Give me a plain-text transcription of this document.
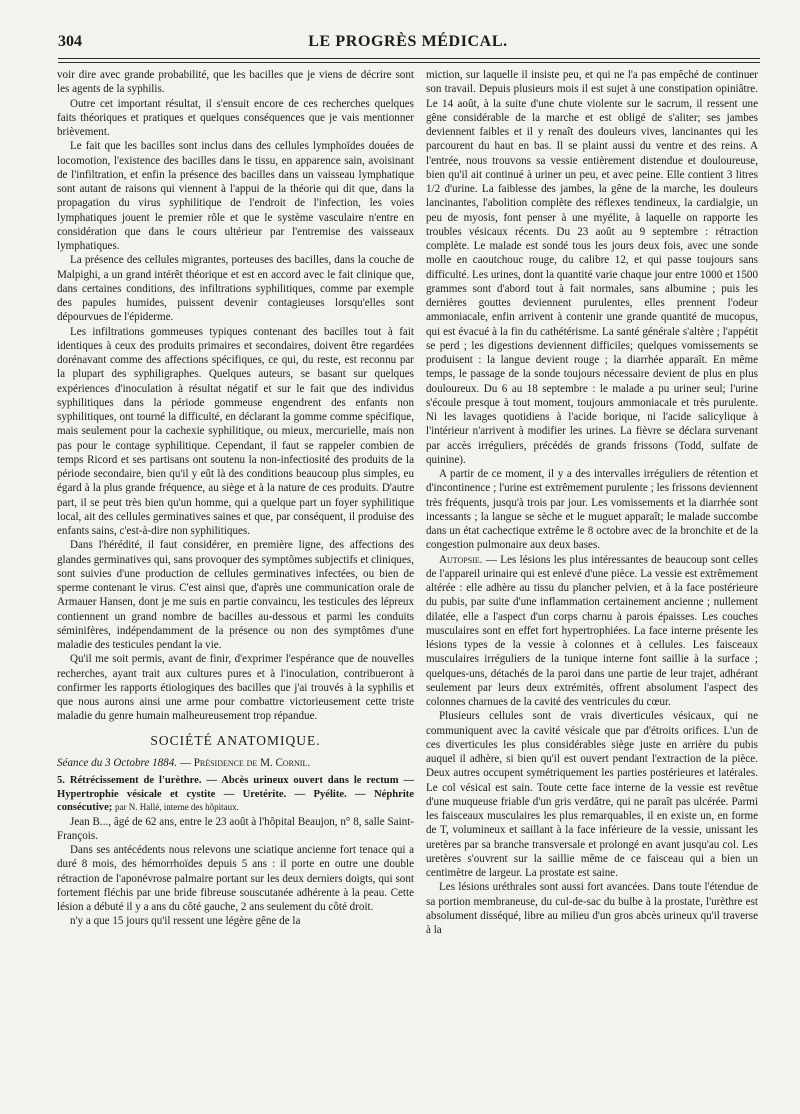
304	LE PROGRÈS MÉDICAL.

voir dire avec grande probabilité, que les bacilles que je viens de décrire sont les agents de la syphilis.

Outre cet important résultat, il s'ensuit encore de ces recherches quelques faits théoriques et pratiques et quelques conséquences que je vais mentionner brièvement.

Le fait que les bacilles sont inclus dans des cellules lymphoïdes douées de locomotion, l'existence des bacilles dans le tissu, en apparence sain, avoisinant de l'infiltration, et enfin la présence des bacilles dans un vaisseau lymphatique sont autant de raisons qui viennent à l'appui de la théorie qui dit que, dans la propagation du virus syphilitique de l'endroit de l'infection, les voies lymphatiques jouent le premier rôle et que le système vasculaire n'entre en considération que dans le cours ultérieur par l'entremise des vaisseaux lymphatiques.

La présence des cellules migrantes, porteuses des bacilles, dans la couche de Malpighi, a un grand intérêt théorique et est en accord avec le fait clinique que, dans certaines conditions, des infiltrations syphilitiques, comme par exemple des papules humides, puissent devenir contagieuses lorsqu'elles sont dépourvues de l'épiderme.

Les infiltrations gommeuses typiques contenant des bacilles tout à fait identiques à ceux des produits primaires et secondaires, doivent être regardées dorénavant comme des affections spécifiques, ce qui, du reste, est reconnu par la plupart des syphiligraphes. Quelques auteurs, se basant sur quelques expériences d'inoculation à résultat négatif et sur le fait que des individus syphilitiques dans la période gommeuse engendrent des enfants non syphilitiques, ont tourné la difficulté, en déclarant la gomme comme spécifique, mais seulement pour la cachexie syphilitique, ou mieux, mercurielle, mais non pas pour le contage syphilitique. Cependant, il faut se rappeler combien de temps Ricord et ses partisans ont soutenu la non-infectiosité des produits de la période secondaire, bien qu'il y eût là des conditions beaucoup plus simples, eu égard à la plus grande fréquence, au siège et à la nature de ces produits. D'autre part, il se peut très bien qu'un homme, qui a quelque part un foyer syphilitique local, ait des cellules germinatives saines et que, par conséquent, il produise des enfants sains, c'est-à-dire non syphilitiques.

Dans l'hérédité, il faut considérer, en première ligne, des affections des glandes germinatives qui, sans provoquer des symptômes subjectifs et cliniques, sont suivies d'une production de cellules germinatives infectées, ou bien de sperme contenant le virus. C'est ainsi que, d'après une communication orale de Armauer Hansen, dont je me suis en partie convaincu, les testicules des lépreux contiennent un grand nombre de bacilles au-dessous et parmi les conduits séminifères, indépendamment de la présence ou non des symptômes d'une maladie des testicules pendant la vie.

Qu'il me soit permis, avant de finir, d'exprimer l'espérance que de nouvelles recherches, ayant trait aux cultures pures et à l'inoculation, contribueront à confirmer les rapports étiologiques des bacilles que j'ai trouvés à la syphilis et que nous aurons ainsi une arme pour combattre victorieusement cette triste maladie du genre humain malheureusement trop répandue.

SOCIÉTÉ ANATOMIQUE.

Séance du 3 Octobre 1884. — Présidence de M. Cornil.

5. Rétrécissement de l'urèthre. — Abcès urineux ouvert dans le rectum — Hypertrophie vésicale et cystite — Uretérite. — Pyélite. — Néphrite consécutive; par N. Hallé, interne des hôpitaux.

Jean B..., âgé de 62 ans, entre le 23 août à l'hôpital Beaujon, n° 8, salle Saint-François.

Dans ses antécédents nous relevons une sciatique ancienne fort tenace qui a duré 8 mois, des hémorrhoïdes depuis 5 ans : il porte en outre une double rétraction de l'aponévrose palmaire portant sur les deux derniers doigts, qui sont fortement fléchis par une bride fibreuse souscutanée adhérente à la peau. Cette lésion a débuté il y a ans du côté gauche, 2 ans seulement du côté droit.

n'y a que 15 jours qu'il ressent une légère gêne de la

miction, sur laquelle il insiste peu, et qui ne l'a pas empêché de continuer son travail. Depuis plusieurs mois il est sujet à une constipation opiniâtre. Le 14 août, à la suite d'une chute violente sur le sacrum, il ressent une gêne considérable de la marche et est obligé de s'aliter; ses jambes deviennent faibles et il y renaît des douleurs vives, lancinantes qui les parcourent du haut en bas. Il se plaint aussi du ventre et des reins. A l'entrée, nous trouvons sa vessie entièrement distendue et douloureuse, bien qu'il ait continué à uriner un peu, et avec peine. Elle contient 3 litres 1/2 d'urine. La faiblesse des jambes, la gêne de la marche, les douleurs lancinantes, l'abolition complète des réflexes tendineux, la cardialgie, un peu de myosis, font penser à une myélite, à laquelle on rapporte les troubles vésicaux récents. Du 23 août au 9 septembre : rétraction complète. Le malade est sondé tous les jours deux fois, avec une sonde molle en caoutchouc rouge, du calibre 12, et qui passe toujours sans difficulté. Les urines, dont la quantité varie chaque jour entre 1000 et 1500 grammes sont d'abord tout à fait normales, sans albumine ; puis les dernières gouttes deviennent purulentes, elles prennent l'odeur ammoniacale, enfin arrivent à contenir une grande quantité de mucopus, qui est évacué à la fin du cathétérisme. La santé générale s'altère ; l'appétit se perd ; les digestions deviennent difficiles; quelques vomissements se produisent : la langue devient rouge ; la diarrhée apparaît. En même temps, le passage de la sonde toujours nécessaire devient de plus en plus douloureux. Du 6 au 18 septembre : le malade a pu uriner seul; l'urine s'écoule presque à tout moment, toujours ammoniacale et très purulente. Ni les lavages quotidiens à l'acide borique, ni l'acide salicylique à l'intérieur n'arrivent à modifier les urines. La fièvre se déclara survenant par accès irréguliers, précédés de grands frissons (Todd, sulfate de quinine).

A partir de ce moment, il y a des intervalles irréguliers de rétention et d'incontinence ; l'urine est extrêmement purulente ; les frissons deviennent très fréquents, jusqu'à trois par jour. Les vomissements et la diarrhée sont incessants ; la langue se sèche et le muguet apparaît; le malade succombe dans un état cachectique extrême le 8 octobre avec de la bronchite et de la congestion pulmonaire aux deux bases.

Autopsie. — Les lésions les plus intéressantes de beaucoup sont celles de l'appareil urinaire qui est enlevé d'une pièce. La vessie est extrêmement altérée : elle adhère au tissu du plancher pelvien, et à la face postérieure du pubis, par suite d'une inflammation certainement ancienne ; nullement dilatée, elle a l'aspect d'un corps charnu à parois épaisses. Les couches musculaires sont en effet fort hypertrophiées. La face interne présente les lésions types de la vessie à colonnes et à cellules. Les faisceaux musculaires irréguliers de la tunique interne font saillie à la surface ; quelques-uns, détachés de la paroi dans une partie de leur trajet, adhérant seulement par leurs deux extrémités, offrent absolument l'aspect des colonnes charnues de la cavité des ventricules du cœur.

Plusieurs cellules sont de vrais diverticules vésicaux, qui ne communiquent avec la cavité vésicale que par d'étroits orifices. L'un de ces diverticules les plus considérables siège juste en arrière du pubis auquel il adhère, si bien qu'il est ouvert pendant l'extraction de la pièce. Deux autres occupent symétriquement les parties postérieures et latérales. Le col vésical est sain. Toute cette face interne de la vessie est revêtue d'une muqueuse friable d'un gris verdâtre, qui ne paraît pas ulcérée. Parmi les faisceaux musculaires les plus remarquables, il en existe un, en forme de T, volumineux et saillant à la face inférieure de la vessie, unissant les uretères par sa branche transversale et prolongé en avant jusqu'au col. Les uretères s'ouvrent sur la saillie même de ce faisceau qui a bien un centimètre de largeur. La prostate est saine.

Les lésions uréthrales sont aussi fort avancées. Dans toute l'étendue de sa portion membraneuse, du cul-de-sac du bulbe à la prostate, l'urèthre est absolument disséqué, libre au milieu d'un gros abcès urineux qu'il traverse à la
